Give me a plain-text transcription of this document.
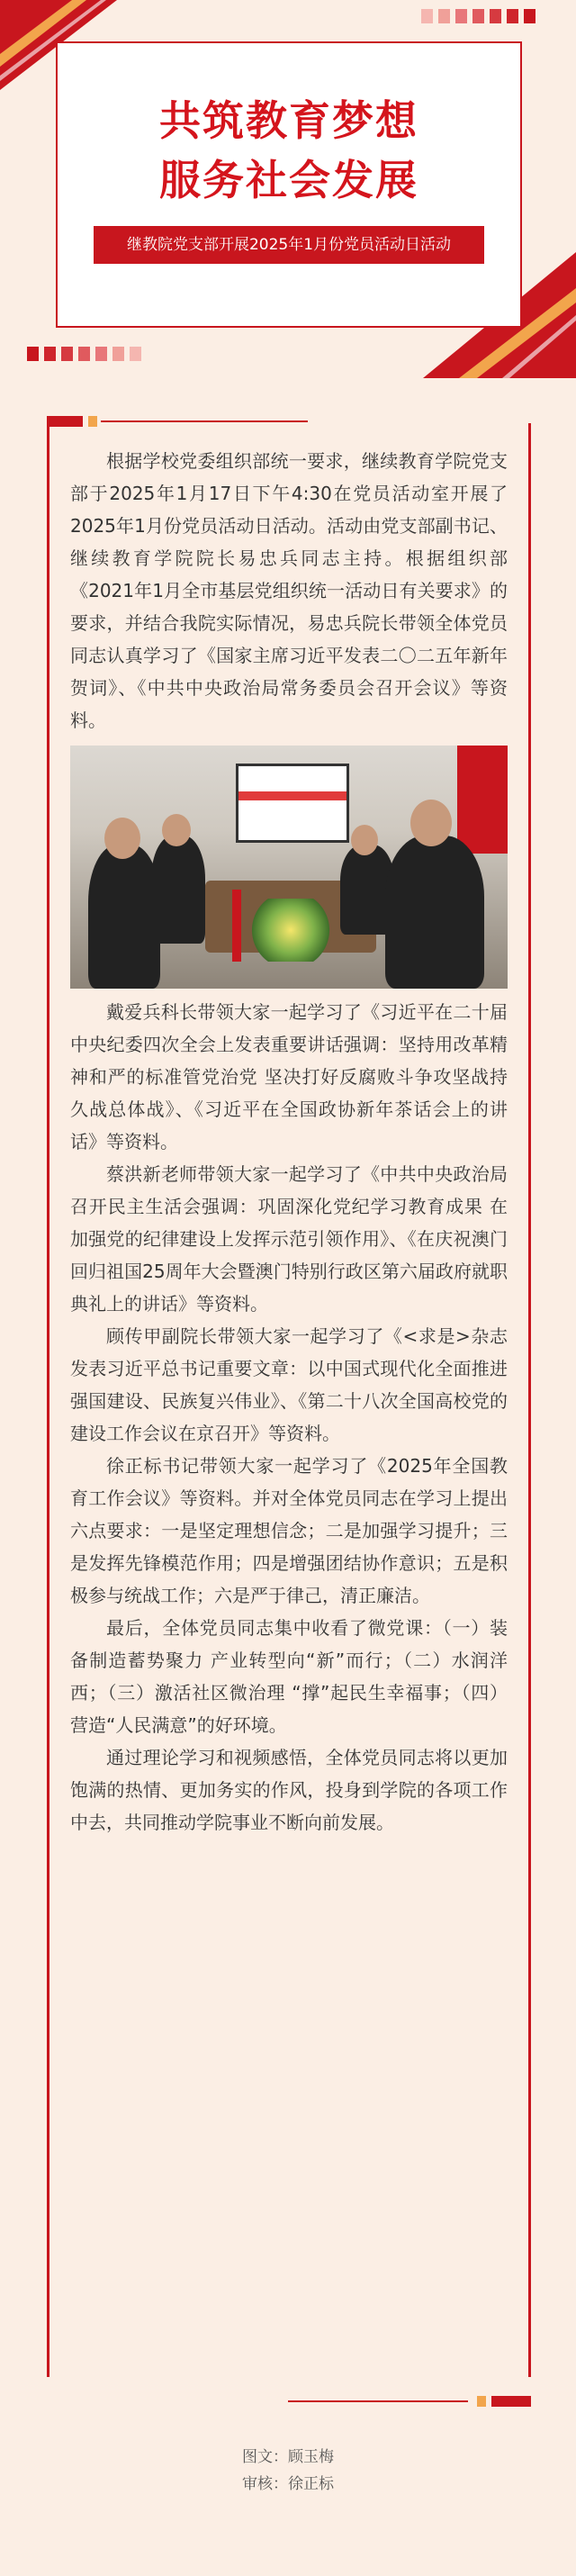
共筑教育梦想
服务社会发展
继教院党支部开展2025年1月份党员活动日活动

根据学校党委组织部统一要求，继续教育学院党支部于2025年1月17日下午4:30在党员活动室开展了2025年1月份党员活动日活动。活动由党支部副书记、继续教育学院院长易忠兵同志主持。根据组织部《2021年1月全市基层党组织统一活动日有关要求》的要求，并结合我院实际情况，易忠兵院长带领全体党员同志认真学习了《国家主席习近平发表二〇二五年新年贺词》、《中共中央政治局常务委员会召开会议》等资料。

戴爱兵科长带领大家一起学习了《习近平在二十届中央纪委四次全会上发表重要讲话强调：坚持用改革精神和严的标准管党治党 坚决打好反腐败斗争攻坚战持久战总体战》、《习近平在全国政协新年茶话会上的讲话》等资料。

蔡洪新老师带领大家一起学习了《中共中央政治局召开民主生活会强调：巩固深化党纪学习教育成果 在加强党的纪律建设上发挥示范引领作用》、《在庆祝澳门回归祖国25周年大会暨澳门特别行政区第六届政府就职典礼上的讲话》等资料。

顾传甲副院长带领大家一起学习了《<求是>杂志发表习近平总书记重要文章：以中国式现代化全面推进强国建设、民族复兴伟业》、《第二十八次全国高校党的建设工作会议在京召开》等资料。

徐正标书记带领大家一起学习了《2025年全国教育工作会议》等资料。并对全体党员同志在学习上提出六点要求：一是坚定理想信念；二是加强学习提升；三是发挥先锋模范作用；四是增强团结协作意识；五是积极参与统战工作；六是严于律己，清正廉洁。

最后，全体党员同志集中收看了微党课：（一）装备制造蓄势聚力 产业转型向“新”而行；（二）水润洋西；（三）激活社区微治理 “撑”起民生幸福事；（四）营造“人民满意”的好环境。

通过理论学习和视频感悟，全体党员同志将以更加饱满的热情、更加务实的作风，投身到学院的各项工作中去，共同推动学院事业不断向前发展。

图文：顾玉梅
审核：徐正标
